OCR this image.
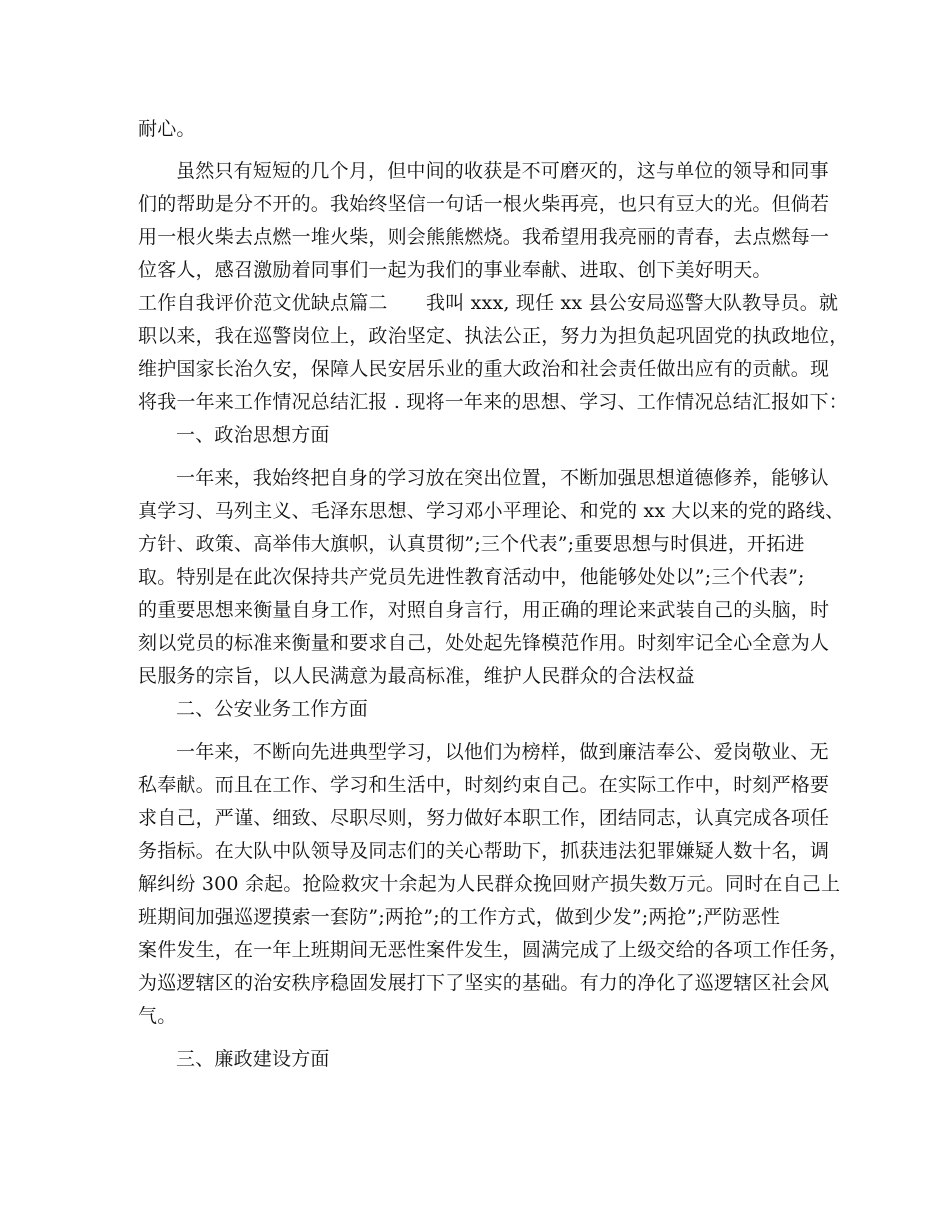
耐心。
虽然只有短短的几个月，但中间的收获是不可磨灭的，这与单位的领导和同事
们的帮助是分不开的。我始终坚信一句话一根火柴再亮，也只有豆大的光。但倘若
用一根火柴去点燃一堆火柴，则会熊熊燃烧。我希望用我亮丽的青春，去点燃每一
位客人，感召激励着同事们一起为我们的事业奉献、进取、创下美好明天。
工作自我评价范文优缺点篇二　　我叫 xxx, 现任 xx 县公安局巡警大队教导员。就
职以来，我在巡警岗位上，政治坚定、执法公正，努力为担负起巩固党的执政地位，
维护国家长治久安，保障人民安居乐业的重大政治和社会责任做出应有的贡献。现
将我一年来工作情况总结汇报 . 现将一年来的思想、学习、工作情况总结汇报如下：
一、政治思想方面
一年来，我始终把自身的学习放在突出位置，不断加强思想道德修养，能够认
真学习、马列主义、毛泽东思想、学习邓小平理论、和党的 xx 大以来的党的路线、
方针、政策、高举伟大旗帜，认真贯彻”;三个代表”;重要思想与时俱进，开拓进
取。特别是在此次保持共产党员先进性教育活动中，他能够处处以”;三个代表”;
的重要思想来衡量自身工作，对照自身言行，用正确的理论来武装自己的头脑，时
刻以党员的标准来衡量和要求自己，处处起先锋模范作用。时刻牢记全心全意为人
民服务的宗旨，以人民满意为最高标准，维护人民群众的合法权益
二、公安业务工作方面
一年来，不断向先进典型学习，以他们为榜样，做到廉洁奉公、爱岗敬业、无
私奉献。而且在工作、学习和生活中，时刻约束自己。在实际工作中，时刻严格要
求自己，严谨、细致、尽职尽则，努力做好本职工作，团结同志，认真完成各项任
务指标。在大队中队领导及同志们的关心帮助下，抓获违法犯罪嫌疑人数十名，调
解纠纷 300 余起。抢险救灾十余起为人民群众挽回财产损失数万元。同时在自己上
班期间加强巡逻摸索一套防”;两抢”;的工作方式，做到少发”;两抢”;严防恶性
案件发生，在一年上班期间无恶性案件发生，圆满完成了上级交给的各项工作任务，
为巡逻辖区的治安秩序稳固发展打下了坚实的基础。有力的净化了巡逻辖区社会风
气。
三、廉政建设方面
